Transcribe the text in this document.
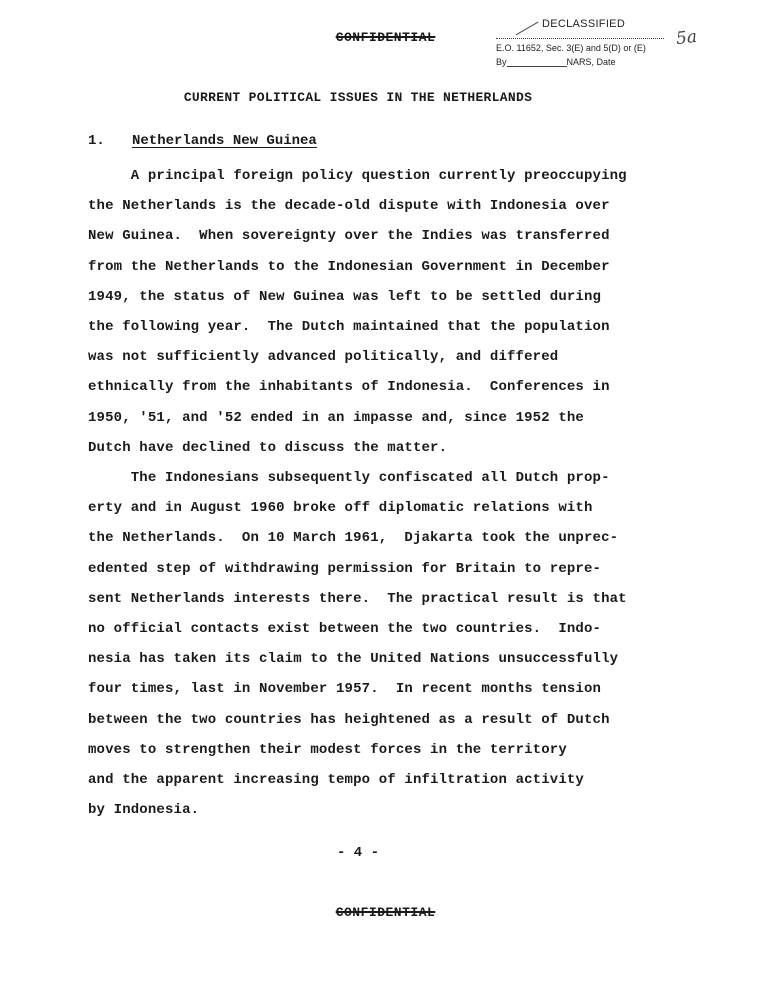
CONFIDENTIAL
DECLASSIFIED
E.O. 11652, Sec. 3(E) and 5(D) or (E)
By	NARS, Date
5a
CURRENT POLITICAL ISSUES IN THE NETHERLANDS
1. Netherlands New Guinea
A principal foreign policy question currently preoccupying
the Netherlands is the decade-old dispute with Indonesia over
New Guinea.  When sovereignty over the Indies was transferred
from the Netherlands to the Indonesian Government in December
1949, the status of New Guinea was left to be settled during
the following year.  The Dutch maintained that the population
was not sufficiently advanced politically, and differed
ethnically from the inhabitants of Indonesia.  Conferences in
1950, '51, and '52 ended in an impasse and, since 1952 the
Dutch have declined to discuss the matter.
The Indonesians subsequently confiscated all Dutch prop-
erty and in August 1960 broke off diplomatic relations with
the Netherlands.  On 10 March 1961,  Djakarta took the unprec-
edented step of withdrawing permission for Britain to repre-
sent Netherlands interests there.  The practical result is that
no official contacts exist between the two countries.  Indo-
nesia has taken its claim to the United Nations unsuccessfully
four times, last in November 1957.  In recent months tension
between the two countries has heightened as a result of Dutch
moves to strengthen their modest forces in the territory
and the apparent increasing tempo of infiltration activity
by Indonesia.
- 4 -
CONFIDENTIAL
